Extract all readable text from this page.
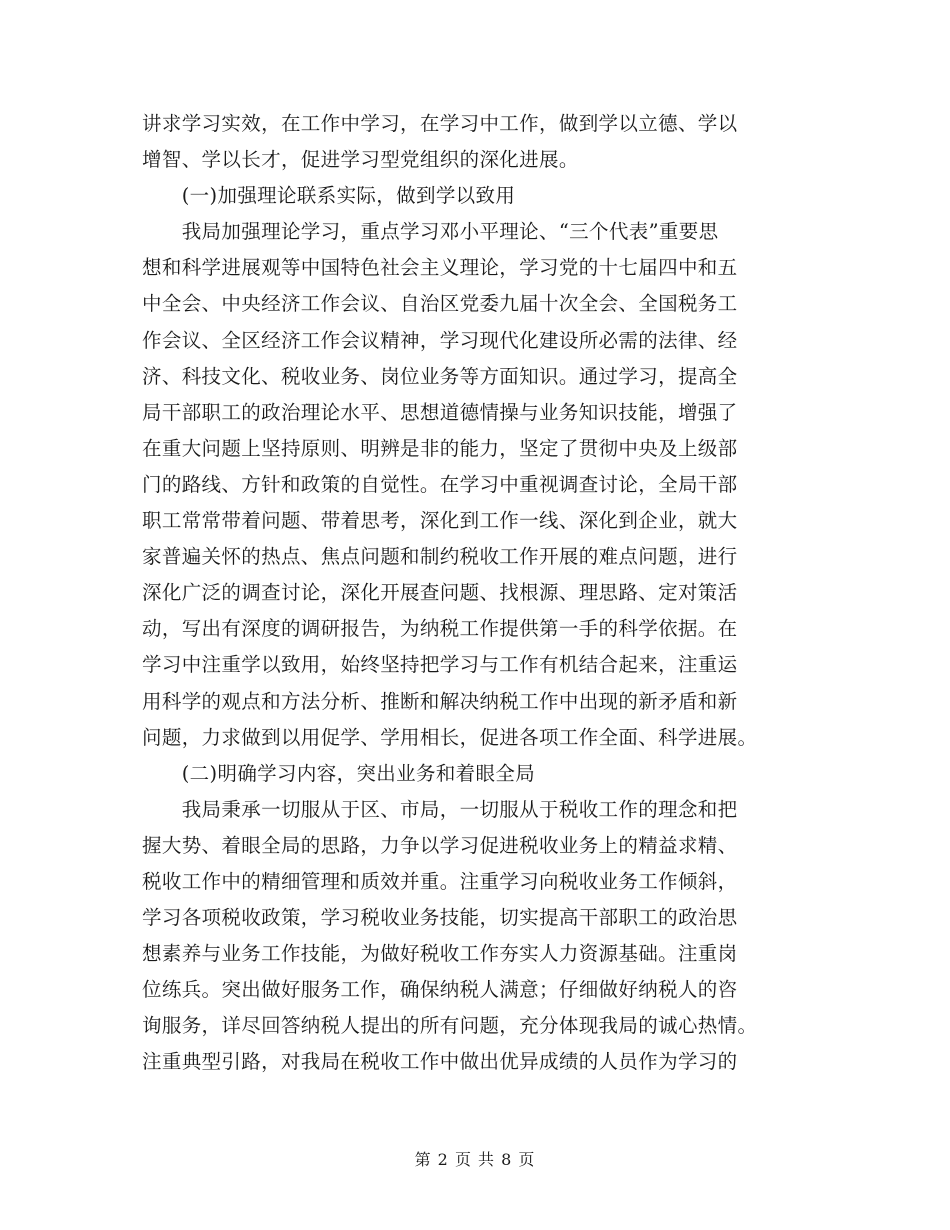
讲求学习实效，在工作中学习，在学习中工作，做到学以立德、学以
增智、学以长才，促进学习型党组织的深化进展。
　　(一)加强理论联系实际，做到学以致用
　　我局加强理论学习，重点学习邓小平理论、“三个代表”重要思
想和科学进展观等中国特色社会主义理论，学习党的十七届四中和五
中全会、中央经济工作会议、自治区党委九届十次全会、全国税务工
作会议、全区经济工作会议精神，学习现代化建设所必需的法律、经
济、科技文化、税收业务、岗位业务等方面知识。通过学习，提高全
局干部职工的政治理论水平、思想道德情操与业务知识技能，增强了
在重大问题上坚持原则、明辨是非的能力，坚定了贯彻中央及上级部
门的路线、方针和政策的自觉性。在学习中重视调查讨论，全局干部
职工常常带着问题、带着思考，深化到工作一线、深化到企业，就大
家普遍关怀的热点、焦点问题和制约税收工作开展的难点问题，进行
深化广泛的调查讨论，深化开展查问题、找根源、理思路、定对策活
动，写出有深度的调研报告，为纳税工作提供第一手的科学依据。在
学习中注重学以致用，始终坚持把学习与工作有机结合起来，注重运
用科学的观点和方法分析、推断和解决纳税工作中出现的新矛盾和新
问题，力求做到以用促学、学用相长，促进各项工作全面、科学进展。
　　(二)明确学习内容，突出业务和着眼全局
　　我局秉承一切服从于区、市局，一切服从于税收工作的理念和把
握大势、着眼全局的思路，力争以学习促进税收业务上的精益求精、
税收工作中的精细管理和质效并重。注重学习向税收业务工作倾斜，
学习各项税收政策，学习税收业务技能，切实提高干部职工的政治思
想素养与业务工作技能，为做好税收工作夯实人力资源基础。注重岗
位练兵。突出做好服务工作，确保纳税人满意；仔细做好纳税人的咨
询服务，详尽回答纳税人提出的所有问题，充分体现我局的诚心热情。
注重典型引路，对我局在税收工作中做出优异成绩的人员作为学习的
第 2 页 共 8 页
